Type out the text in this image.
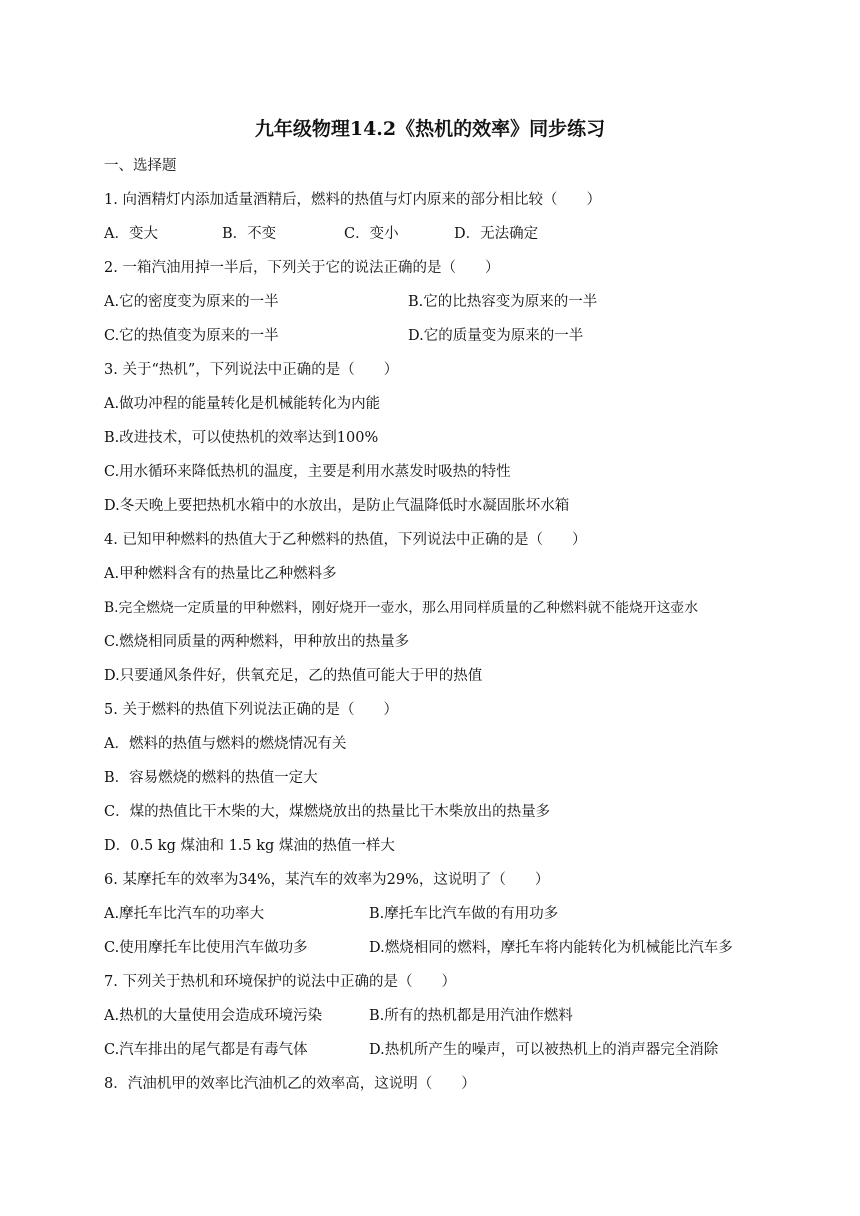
九年级物理14.2《热机的效率》同步练习
一、选择题
1. 向酒精灯内添加适量酒精后，燃料的热值与灯内原来的部分相比较（　　）
A．变大	B．不变	C．变小	D．无法确定
2. 一箱汽油用掉一半后，下列关于它的说法正确的是（　　）
A.它的密度变为原来的一半	B.它的比热容变为原来的一半
C.它的热值变为原来的一半	D.它的质量变为原来的一半
3. 关于“热机”，下列说法中正确的是（　　）
A.做功冲程的能量转化是机械能转化为内能
B.改进技术，可以使热机的效率达到100%
C.用水循环来降低热机的温度，主要是利用水蒸发时吸热的特性
D.冬天晚上要把热机水箱中的水放出，是防止气温降低时水凝固胀坏水箱
4. 已知甲种燃料的热值大于乙种燃料的热值，下列说法中正确的是（　　）
A.甲种燃料含有的热量比乙种燃料多
B.完全燃烧一定质量的甲种燃料，刚好烧开一壶水，那么用同样质量的乙种燃料就不能烧开这壶水
C.燃烧相同质量的两种燃料，甲种放出的热量多
D.只要通风条件好，供氧充足，乙的热值可能大于甲的热值
5. 关于燃料的热值下列说法正确的是（　　）
A．燃料的热值与燃料的燃烧情况有关
B．容易燃烧的燃料的热值一定大
C．煤的热值比干木柴的大，煤燃烧放出的热量比干木柴放出的热量多
D．0.5 kg 煤油和 1.5 kg 煤油的热值一样大
6. 某摩托车的效率为34%，某汽车的效率为29%，这说明了（　　）
A.摩托车比汽车的功率大	B.摩托车比汽车做的有用功多
C.使用摩托车比使用汽车做功多	D.燃烧相同的燃料，摩托车将内能转化为机械能比汽车多
7. 下列关于热机和环境保护的说法中正确的是（　　）
A.热机的大量使用会造成环境污染	B.所有的热机都是用汽油作燃料
C.汽车排出的尾气都是有毒气体	D.热机所产生的噪声，可以被热机上的消声器完全消除
8．汽油机甲的效率比汽油机乙的效率高，这说明（　　）
